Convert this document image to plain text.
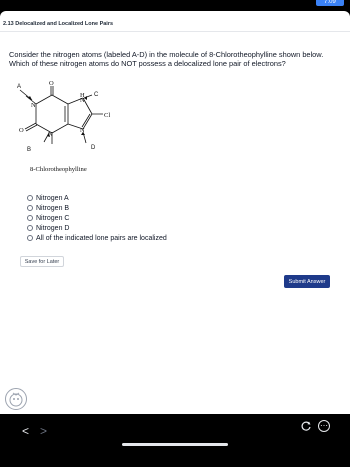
7:09
2.13 Delocalized and Localized Lone Pairs
Consider the nitrogen atoms (labeled A-D) in the molecule of 8-Chlorotheophylline shown below. Which of these nitrogen atoms do NOT possess a delocalized lone pair of electrons?
O
N
H
N
Cl
N
N
O
A
B
C
D
8-Chlorotheophylline
Nitrogen A
Nitrogen B
Nitrogen C
Nitrogen D
All of the indicated lone pairs are localized
Save for Later
Submit Answer
< >	⋯
